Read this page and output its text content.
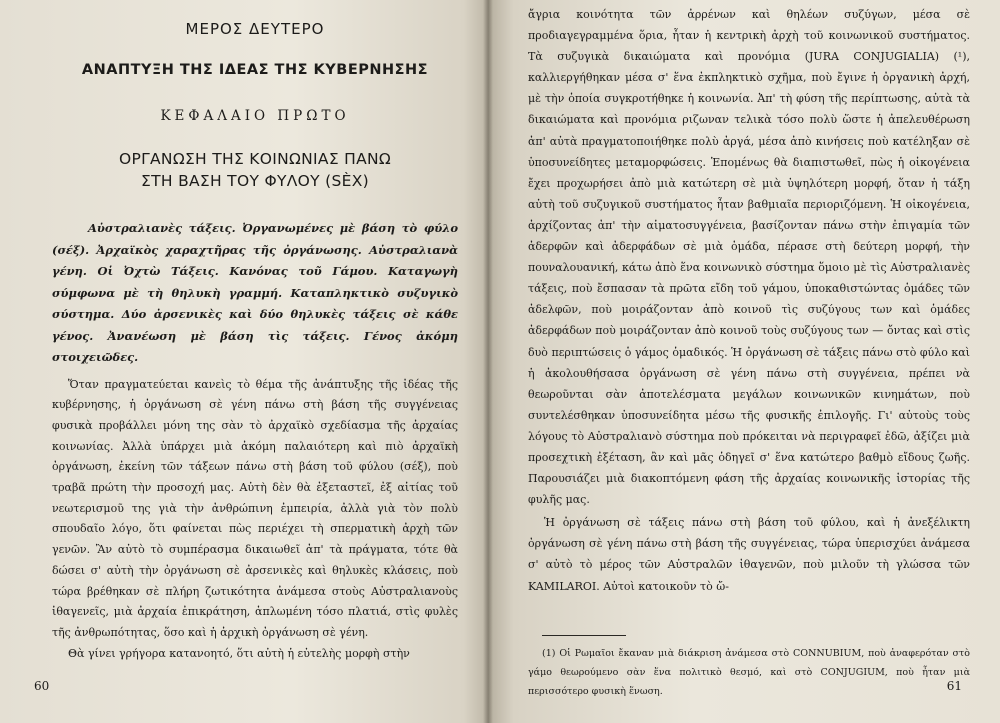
ΜΕΡΟΣ ΔΕΥΤΕΡΟ
ΑΝΑΠΤΥΞΗ ΤΗΣ ΙΔΕΑΣ ΤΗΣ ΚΥΒΕΡΝΗΣΗΣ
ΚΕΦΑΛΑΙΟ ΠΡΩΤΟ
ΟΡΓΑΝΩΣΗ ΤΗΣ ΚΟΙΝΩΝΙΑΣ ΠΑΝΩ
ΣΤΗ ΒΑΣΗ ΤΟΥ ΦΥΛΟΥ (SÈX)

Αὐστραλιανὲς τάξεις. Ὀργανωμένες μὲ βάση τὸ φύλο (σέξ). Ἀρχαϊκὸς χαραχτῆρας τῆς ὀργάνωσης. Αὐστραλιανὰ γένη. Οἱ Ὀχτὼ Τάξεις. Κανόνας τοῦ Γάμου. Καταγωγὴ σύμφωνα μὲ τὴ θηλυκὴ γραμμή. Καταπληκτικὸ συζυγικὸ σύστημα. Δύο ἀρσενικὲς καὶ δύο θηλυκὲς τάξεις σὲ κάθε γένος. Ἀνανέωση μὲ βάση τὶς τάξεις. Γένος ἀκόμη στοιχειῶδες.

Ὅταν πραγματεύεται κανεὶς τὸ θέμα τῆς ἀνάπτυξης τῆς ἰδέας τῆς κυβέρνησης, ἡ ὀργάνωση σὲ γένη πάνω στὴ βάση τῆς συγγένειας φυσικὰ προβάλλει μόνη της σὰν τὸ ἀρχαϊκὸ σχεδίασμα τῆς ἀρχαίας κοινωνίας. Ἀλλὰ ὑπάρχει μιὰ ἀκόμη παλαιότερη καὶ πιὸ ἀρχαϊκὴ ὀργάνωση, ἐκείνη τῶν τάξεων πάνω στὴ βάση τοῦ φύλου (σέξ), ποὺ τραβᾶ πρώτη τὴν προσοχή μας. Αὐτὴ δὲν θὰ ἐξεταστεῖ, ἐξ αἰτίας τοῦ νεωτερισμοῦ της γιὰ τὴν ἀνθρώπινη ἐμπειρία, ἀλλὰ γιὰ τὸν πολὺ σπουδαῖο λόγο, ὅτι φαίνεται πὼς περιέχει τὴ σπερματικὴ ἀρχὴ τῶν γενῶν. Ἂν αὐτὸ τὸ συμπέρασμα δικαιωθεῖ ἀπ' τὰ πράγματα, τότε θὰ δώσει σ' αὐτὴ τὴν ὀργάνωση σὲ ἀρσενικὲς καὶ θηλυκὲς κλάσεις, ποὺ τώρα βρέθηκαν σὲ πλήρη ζωτικότητα ἀνάμεσα στοὺς Αὐστραλιανοὺς ἰθαγενεῖς, μιὰ ἀρχαία ἐπικράτηση, ἁπλωμένη τόσο πλατιά, στὶς φυλὲς τῆς ἀνθρωπότητας, ὅσο καὶ ἡ ἀρχικὴ ὀργάνωση σὲ γένη.

Θὰ γίνει γρήγορα κατανοητό, ὅτι αὐτὴ ἡ εὐτελὴς μορφὴ στὴν

60

ἄγρια κοινότητα τῶν ἀρρένων καὶ θηλέων συζύγων, μέσα σὲ προδιαγεγραμμένα ὅρια, ἦταν ἡ κεντρικὴ ἀρχὴ τοῦ κοινωνικοῦ συστήματος. Τὰ συζυγικὰ δικαιώματα καὶ προνόμια (JURA CONJUGIALIA) (¹), καλλιεργήθηκαν μέσα σ' ἕνα ἐκπληκτικὸ σχῆμα, ποὺ ἔγινε ἡ ὀργανικὴ ἀρχή, μὲ τὴν ὁποία συγκροτήθηκε ἡ κοινωνία. Ἀπ' τὴ φύση τῆς περίπτωσης, αὐτὰ τὰ δικαιώματα καὶ προνόμια ριζωναν τελικὰ τόσο πολὺ ὥστε ἡ ἀπελευθέρωση ἀπ' αὐτὰ πραγματοποιήθηκε πολὺ ἀργά, μέσα ἀπὸ κινήσεις ποὺ κατέληξαν σὲ ὑποσυνείδητες μεταμορφώσεις. Ἑπομένως θὰ διαπιστωθεῖ, πὼς ἡ οἰκογένεια ἔχει προχωρήσει ἀπὸ μιὰ κατώτερη σὲ μιὰ ὑψηλότερη μορφή, ὅταν ἡ τάξη αὐτὴ τοῦ συζυγικοῦ συστήματος ἦταν βαθμιαῖα περιοριζόμενη. Ἡ οἰκογένεια, ἀρχίζοντας ἀπ' τὴν αἱματοσυγγένεια, βασίζονταν πάνω στὴν ἐπιγαμία τῶν ἀδερφῶν καὶ ἀδερφάδων σὲ μιὰ ὁμάδα, πέρασε στὴ δεύτερη μορφή, τὴν πουναλουανική, κάτω ἀπὸ ἕνα κοινωνικὸ σύστημα ὅμοιο μὲ τὶς Αὐστραλιανὲς τάξεις, ποὺ ἔσπασαν τὰ πρῶτα εἴδη τοῦ γάμου, ὑποκαθιστώντας ὁμάδες τῶν ἀδελφῶν, ποὺ μοιράζονταν ἀπὸ κοινοῦ τὶς συζύγους των καὶ ὁμάδες ἀδερφάδων ποὺ μοιράζονταν ἀπὸ κοινοῦ τοὺς συζύγους των — ὄντας καὶ στὶς δυὸ περιπτώσεις ὁ γάμος ὁμαδικός. Ἡ ὀργάνωση σὲ τάξεις πάνω στὸ φύλο καὶ ἡ ἀκολουθήσασα ὀργάνωση σὲ γένη πάνω στὴ συγγένεια, πρέπει νὰ θεωροῦνται σὰν ἀποτελέσματα μεγάλων κοινωνικῶν κινημάτων, ποὺ συντελέσθηκαν ὑποσυνείδητα μέσω τῆς φυσικῆς ἐπιλογῆς. Γι' αὐτοὺς τοὺς λόγους τὸ Αὐστραλιανὸ σύστημα ποὺ πρόκειται νὰ περιγραφεῖ ἐδῶ, ἀξίζει μιὰ προσεχτικὴ ἐξέταση, ἂν καὶ μᾶς ὁδηγεῖ σ' ἕνα κατώτερο βαθμὸ εἴδους ζωῆς. Παρουσιάζει μιὰ διακοπτόμενη φάση τῆς ἀρχαίας κοινωνικῆς ἱστορίας τῆς φυλῆς μας.

Ἡ ὀργάνωση σὲ τάξεις πάνω στὴ βάση τοῦ φύλου, καὶ ἡ ἀνεξέλικτη ὀργάνωση σὲ γένη πάνω στὴ βάση τῆς συγγένειας, τώρα ὑπερισχύει ἀνάμεσα σ' αὐτὸ τὸ μέρος τῶν Αὐστραλῶν ἰθαγενῶν, ποὺ μιλοῦν τὴ γλώσσα τῶν KAMILAROI. Αὐτοὶ κατοικοῦν τὸ ὤ-

(1) Οἱ Ρωμαῖοι ἔκαναν μιὰ διάκριση ἀνάμεσα στὸ CONNUBIUM, ποὺ ἀναφερόταν στὸ γάμο θεωρούμενο σὰν ἕνα πολιτικὸ θεσμό, καὶ στὸ CONJUGIUM, ποὺ ἦταν μιὰ περισσότερο φυσικὴ ἕνωση.	61
